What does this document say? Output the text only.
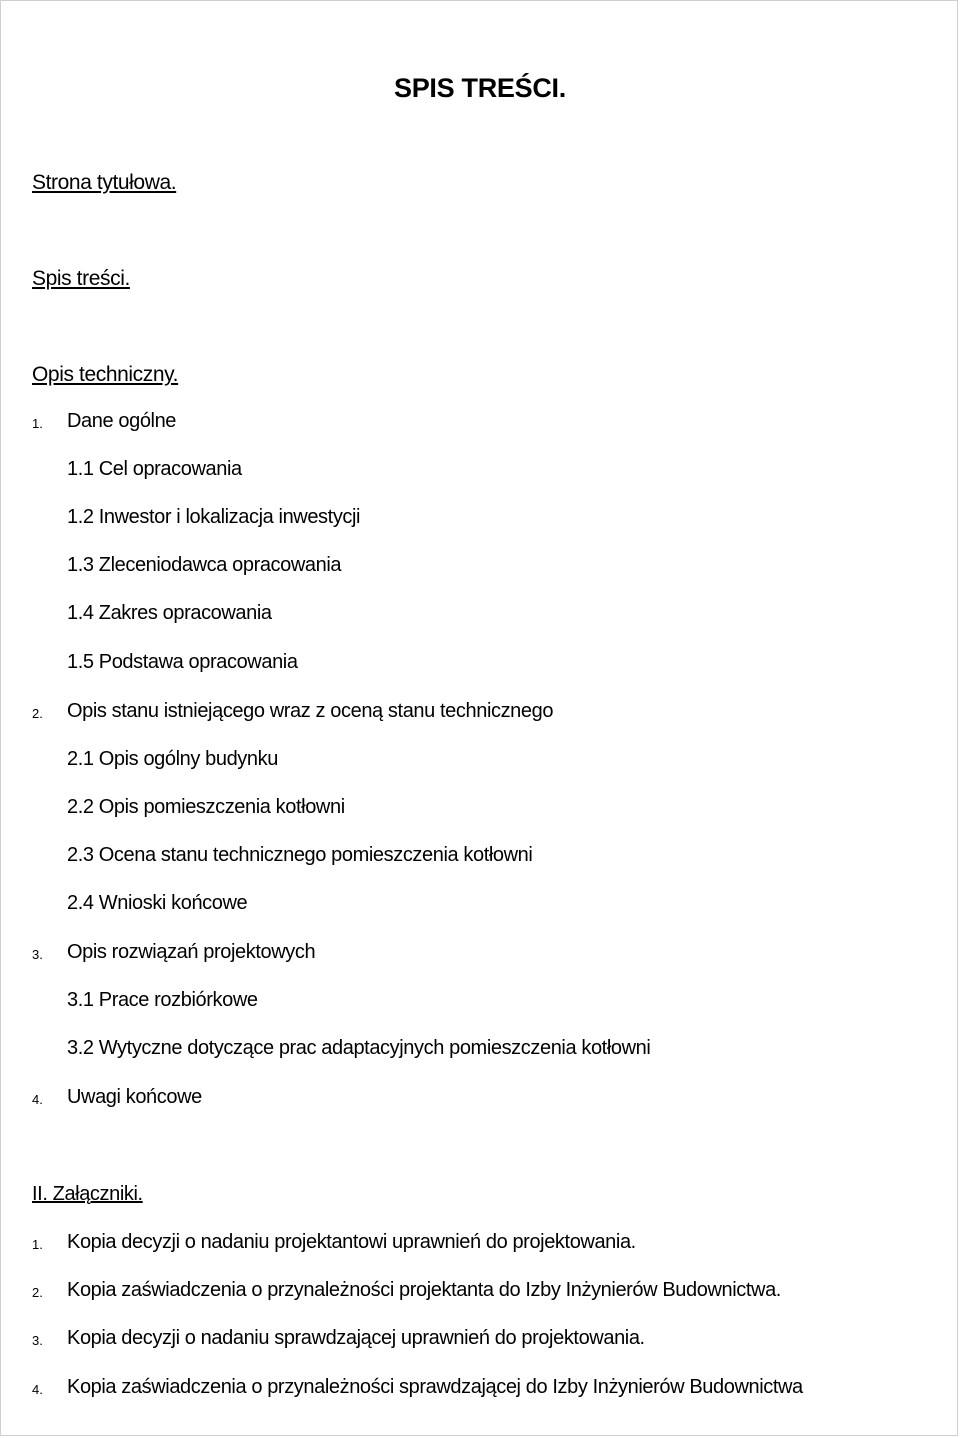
SPIS TREŚCI.
Strona tytułowa.
Spis treści.
Opis techniczny.
1. Dane ogólne
1.1 Cel opracowania
1.2 Inwestor i lokalizacja inwestycji
1.3 Zleceniodawca opracowania
1.4 Zakres opracowania
1.5 Podstawa opracowania
2. Opis stanu istniejącego wraz z oceną stanu technicznego
2.1 Opis ogólny budynku
2.2 Opis pomieszczenia kotłowni
2.3 Ocena stanu technicznego pomieszczenia kotłowni
2.4 Wnioski końcowe
3. Opis rozwiązań projektowych
3.1 Prace rozbiórkowe
3.2 Wytyczne dotyczące prac adaptacyjnych pomieszczenia kotłowni
4. Uwagi końcowe
II. Załączniki.
1. Kopia decyzji o nadaniu projektantowi uprawnień do projektowania.
2. Kopia zaświadczenia o przynależności projektanta do Izby Inżynierów Budownictwa.
3. Kopia decyzji o nadaniu sprawdzającej uprawnień do projektowania.
4. Kopia zaświadczenia o przynależności sprawdzającej do Izby Inżynierów Budownictwa
